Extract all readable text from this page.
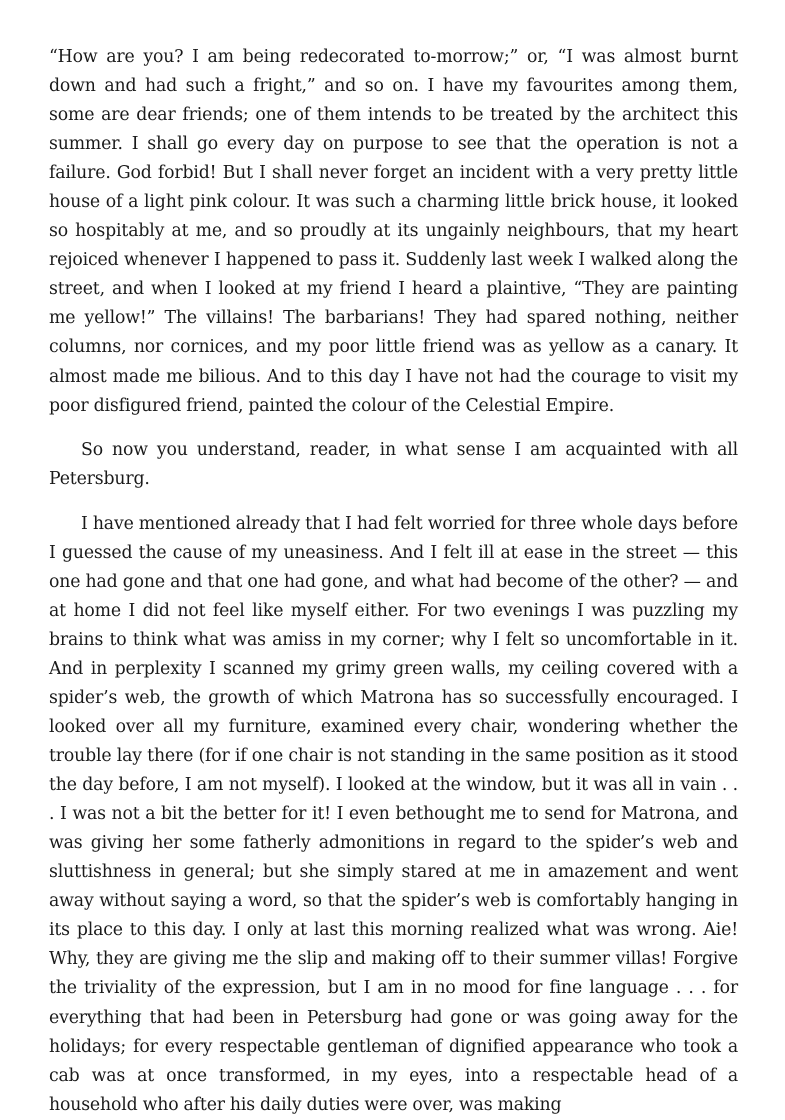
“How are you? I am being redecorated to-morrow;” or, “I was almost burnt down and had such a fright,” and so on. I have my favourites among them, some are dear friends; one of them intends to be treated by the architect this summer. I shall go every day on purpose to see that the operation is not a failure. God forbid! But I shall never forget an incident with a very pretty little house of a light pink colour. It was such a charming little brick house, it looked so hospitably at me, and so proudly at its ungainly neighbours, that my heart rejoiced whenever I happened to pass it. Suddenly last week I walked along the street, and when I looked at my friend I heard a plaintive, “They are painting me yellow!” The villains! The barbarians! They had spared nothing, neither columns, nor cornices, and my poor little friend was as yellow as a canary. It almost made me bilious. And to this day I have not had the courage to visit my poor disfigured friend, painted the colour of the Celestial Empire.

So now you understand, reader, in what sense I am acquainted with all Petersburg.

I have mentioned already that I had felt worried for three whole days before I guessed the cause of my uneasiness. And I felt ill at ease in the street — this one had gone and that one had gone, and what had become of the other? — and at home I did not feel like myself either. For two evenings I was puzzling my brains to think what was amiss in my corner; why I felt so uncomfortable in it. And in perplexity I scanned my grimy green walls, my ceiling covered with a spider’s web, the growth of which Matrona has so successfully encouraged. I looked over all my furniture, examined every chair, wondering whether the trouble lay there (for if one chair is not standing in the same position as it stood the day before, I am not myself). I looked at the window, but it was all in vain . . . I was not a bit the better for it! I even bethought me to send for Matrona, and was giving her some fatherly admonitions in regard to the spider’s web and sluttishness in general; but she simply stared at me in amazement and went away without saying a word, so that the spider’s web is comfortably hanging in its place to this day. I only at last this morning realized what was wrong. Aie! Why, they are giving me the slip and making off to their summer villas! Forgive the triviality of the expression, but I am in no mood for fine language . . . for everything that had been in Petersburg had gone or was going away for the holidays; for every respectable gentleman of dignified appearance who took a cab was at once transformed, in my eyes, into a respectable head of a household who after his daily duties were over, was making
